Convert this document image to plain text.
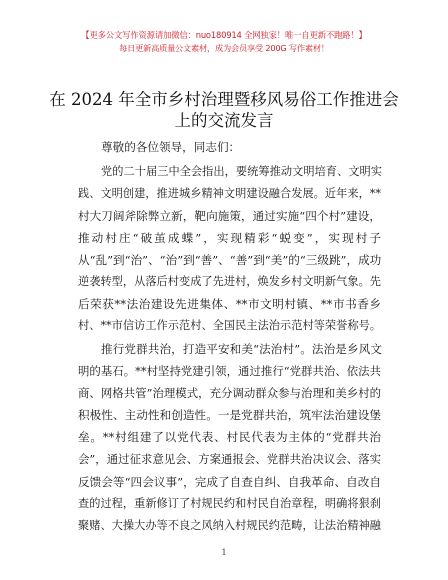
【更多公文写作资源请加微信：nuo180914 全网独家！唯一自更新不跑路！】
每日更新高质量公文素材，成为会员享受 200G 写作素材！
在 2024 年全市乡村治理暨移风易俗工作推进会
上的交流发言
尊敬的各位领导，同志们：
党的二十届三中全会指出，要统筹推动文明培育、文明实
践、文明创建，推进城乡精神文明建设融合发展。近年来，**
村大刀阔斧除弊立新，靶向施策，通过实施“四个村”建设，
推动村庄“破茧成蝶”，实现精彩“蜕变”，实现村子
从“乱”到“治”、“治”到“善”、“善”到“美”的“三级跳”，成功
逆袭转型，从落后村变成了先进村，焕发乡村文明新气象。先
后荣获**法治建设先进集体、**市文明村镇、**市书香乡
村、**市信访工作示范村、全国民主法治示范村等荣誉称号。
推行党群共治，打造平安和美“法治村”。法治是乡风文
明的基石。**村坚持党建引领，通过推行“党群共治、依法共
商、网格共管”治理模式，充分调动群众参与治理和美乡村的
积极性、主动性和创造性。一是党群共治，筑牢法治建设堡
垒。**村组建了以党代表、村民代表为主体的“党群共治
会”，通过征求意见会、方案通报会、党群共治决议会、落实
反馈会等“四会议事”，完成了自查自纠、自我革命、自改自
查的过程，重新修订了村规民约和村民自治章程，明确将狠刹
聚赌、大操大办等不良之风纳入村规民约范畴，让法治精神融
1
